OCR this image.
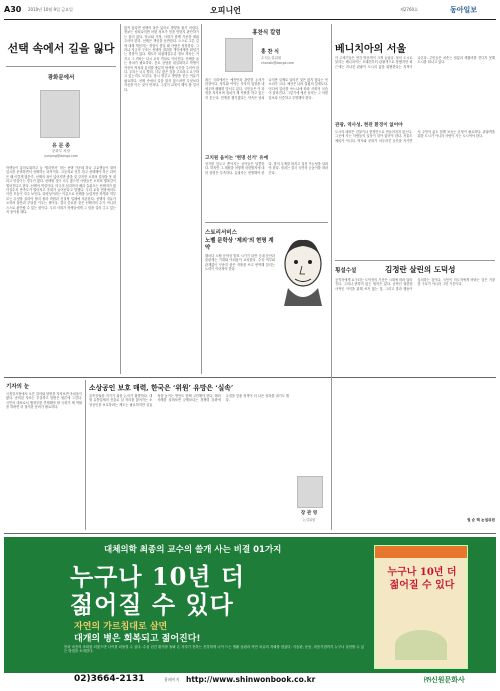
A30 2010년 10월 9일 금요일	오피니언	제2760호	동아일보
선택 속에서 길을 잃다
광화문에서
유 문 종
문화부 차장
yunjong@donga.com
학생들이 흥미로워하고 늘 ‘떨리면서’ 하는 선택 가운데 하나 고교생들이 대학 입시를 준비하면서 선택하는 과목이다. 고등학교 전부 하고 선택해야 하는 과목은 왜 이렇게 많은가. 선택의 폭이 넓어지면 좋을 것 같지만 오히려 결정을 못 내리고 망설이는 경우가 많다. 선택할 것이 너무 많으면 사람들은 오히려 행복감이 떨어진다고 한다. 선택의 역설이다. 미국의 심리학자 배리 슈워츠는 선택지가 많아질수록 만족도가 떨어지고 후회가 늘어난다고 말했다. 우리 교육 현장에서도 이런 모습이 자주 보인다. 다양성이라는 이름으로 선택을 늘렸지만 학생과 학부모는 무엇을 골라야 할지 몰라 학원과 컨설팅 업체에 의존한다. 선택의 자유가 오히려 불안과 부담을 키우는 셈이다. 결국 중요한 것은 선택지의 수가 아니라 스스로 판단할 수 있는 힘이다. 우리 사회가 학생들에게 그 힘을 길러 주고 있는지 돌아볼 때다.
많지 않다면 선택의 폭은 넓어도 방향을 잡기 어렵다. 정보는 넘쳐나지만 어떤 정보가 믿을 만한지 판단하기는 쉽지 않다. 학교와 가정, 사회가 함께 기준을 세워 주어야 한다. 선택은 책임을 동반한다. 스스로 고른 길에 대해 책임지는 경험이 쌓일 때 사람은 성장한다. 그러나 지금의 구조는 선택의 결과를 개인에게만 떠넘기는 경향이 있다. 제도가 복잡해질수록 정보 격차는 커지고 그 격차는 다시 교육 격차로 이어진다. 선택을 돕는 장치가 필요하다. 진로 상담을 내실화하고 학생이 자신의 적성과 흥미를 충분히 탐색할 시간을 주어야 한다. 우리는 너무 빨리, 너무 많은 것을 고르라고 요구하고 있는지도 모른다. 잠시 멈추고 방향을 묻는 여유가 필요하다. 선택 속에서 길을 잃지 않으려면 무엇보다 자신을 아는 것이 먼저다. 그것이 교육이 해야 할 일이다.
홍찬식 칼럼
홍 찬 식
수석논설위원
chansik@donga.com
최근 국회에서는 예산안과 관련한 논의가 한창이다. 정부와 여야는 각자의 입장을 내세우며 팽팽히 맞서고 있다. 국민들은 이 과정을 지켜보며 정치가 제 역할을 하고 있는지 묻는다. 민생을 챙기겠다는 약속은 넘쳐나지만 실제로 달라진 것은 많지 않다는 목소리가 크다. 예산은 나라 살림의 설계도다. 어디에 얼마를 쓰느냐에 따라 사회의 모습이 달라진다. 그렇기에 예산 심의는 그 어떤 일보다 신중하고 투명해야 한다.
고치원 음이는 ‘현명 선거’ 유예
선거를 앞두고 쏟아지는 공약들은 달콤하다. 하지만 그 재원을 어떻게 마련할지에 대한 설명은 부족하다. 유권자는 현명해야 한다. 말의 무게를 따지고 실천 가능성을 살펴야 한다. 정치는 결국 국민의 눈높이를 따라간다.
스토리서비스
노벨 문학상 ‘제외’의 현명 계약
해마다 노벨 문학상 발표 시기가 되면 국내 문단과 출판계는 기대와 아쉬움이 교차한다. 수상 여부와 관계없이 꾸준히 좋은 작품을 쓰고 번역해 알리는 노력이 이어져야 한다.
베니치아의 서울
이 주세기들은 연간 방문객이 크게 늘었다. 물의 도시로 불리는 베니치아는 오래전부터 관광객으로 붐볐지만 최근에는 지나친 관광이 도시의 삶을 위협한다는 지적이 나온다. 주민들은 치솟는 집값과 생활비를 견디지 못해 도시를 떠나고 있다.
관광, 역사성, 현관 환경이 없어야
도시의 매력은 건물이나 풍경만으로 만들어지지 않는다. 그곳에 사는 사람들의 일상이 살아 있어야 한다. 서울도 예외가 아니다. 역사와 문화가 어우러진 공간을 지키면서 주민의 삶도 함께 보듬는 균형이 필요하다. 관광객을 위한 도시가 아니라 사람이 사는 도시여야 한다.
기자의 눈
국정감사장에서 오간 질의와 답변을 지켜보면 아쉬움이 많다. 준비된 자료는 부실하고 답변은 원론에 그친다. 국민의 대표로서 행정부를 견제해야 할 국회가 제 역할을 하려면 더 철저한 준비가 필요하다.
소상공인 보호 매력, 한국은 ‘위원’ 유망은 ‘실속’
골목상권을 지키기 위한 논의가 활발하다. 대형 유통업체의 진출로 설 자리를 잃어가는 소상공인을 보호하려는 제도는 필요하지만 실효성을 높이는 방안도 함께 고민해야 한다. 해외 사례를 살펴보면 규제보다는 경쟁력 강화에 초점을 맞춘 정책이 더 나은 성과를 내기도 했다.
장 관 영
논설위원
횡설수설	김정란 살린의 도덕성
공직자에게 요구되는 도덕성의 기준은 시대에 따라 달라진다. 그러나 변하지 않는 원칙은 있다. 공적인 권한을 사적인 이익을 위해 쓰지 않는 것, 그리고 말과 행동이 일치하는 것이다. 국민이 지도자에게 바라는 것은 거창한 구호가 아니라 그런 기본이다.
권 순 택 논설위원
대체의학 최종의 교수의 쓸개 사는 비결 01가지
누구나 10년 더
젊어질 수 있다
자연의 가르침대로 살면
대개의 병은 회복되고 젊어진다!
몸과 마음의 조화를 되찾으면 나이를 되돌릴 수 있다. 수십 년간 환자를 돌봐 온 저자가 전하는 건강하게 나이 드는 생활 습관과 자연 치유의 지혜를 담았다. 식습관, 운동, 마음가짐까지 누구나 실천할 수 있는 방법을 소개한다.
누구나 10년 더 젊어질 수 있다
02)3664-2131	홈페이지 http://www.shinwonbook.co.kr	㈜신원문화사
